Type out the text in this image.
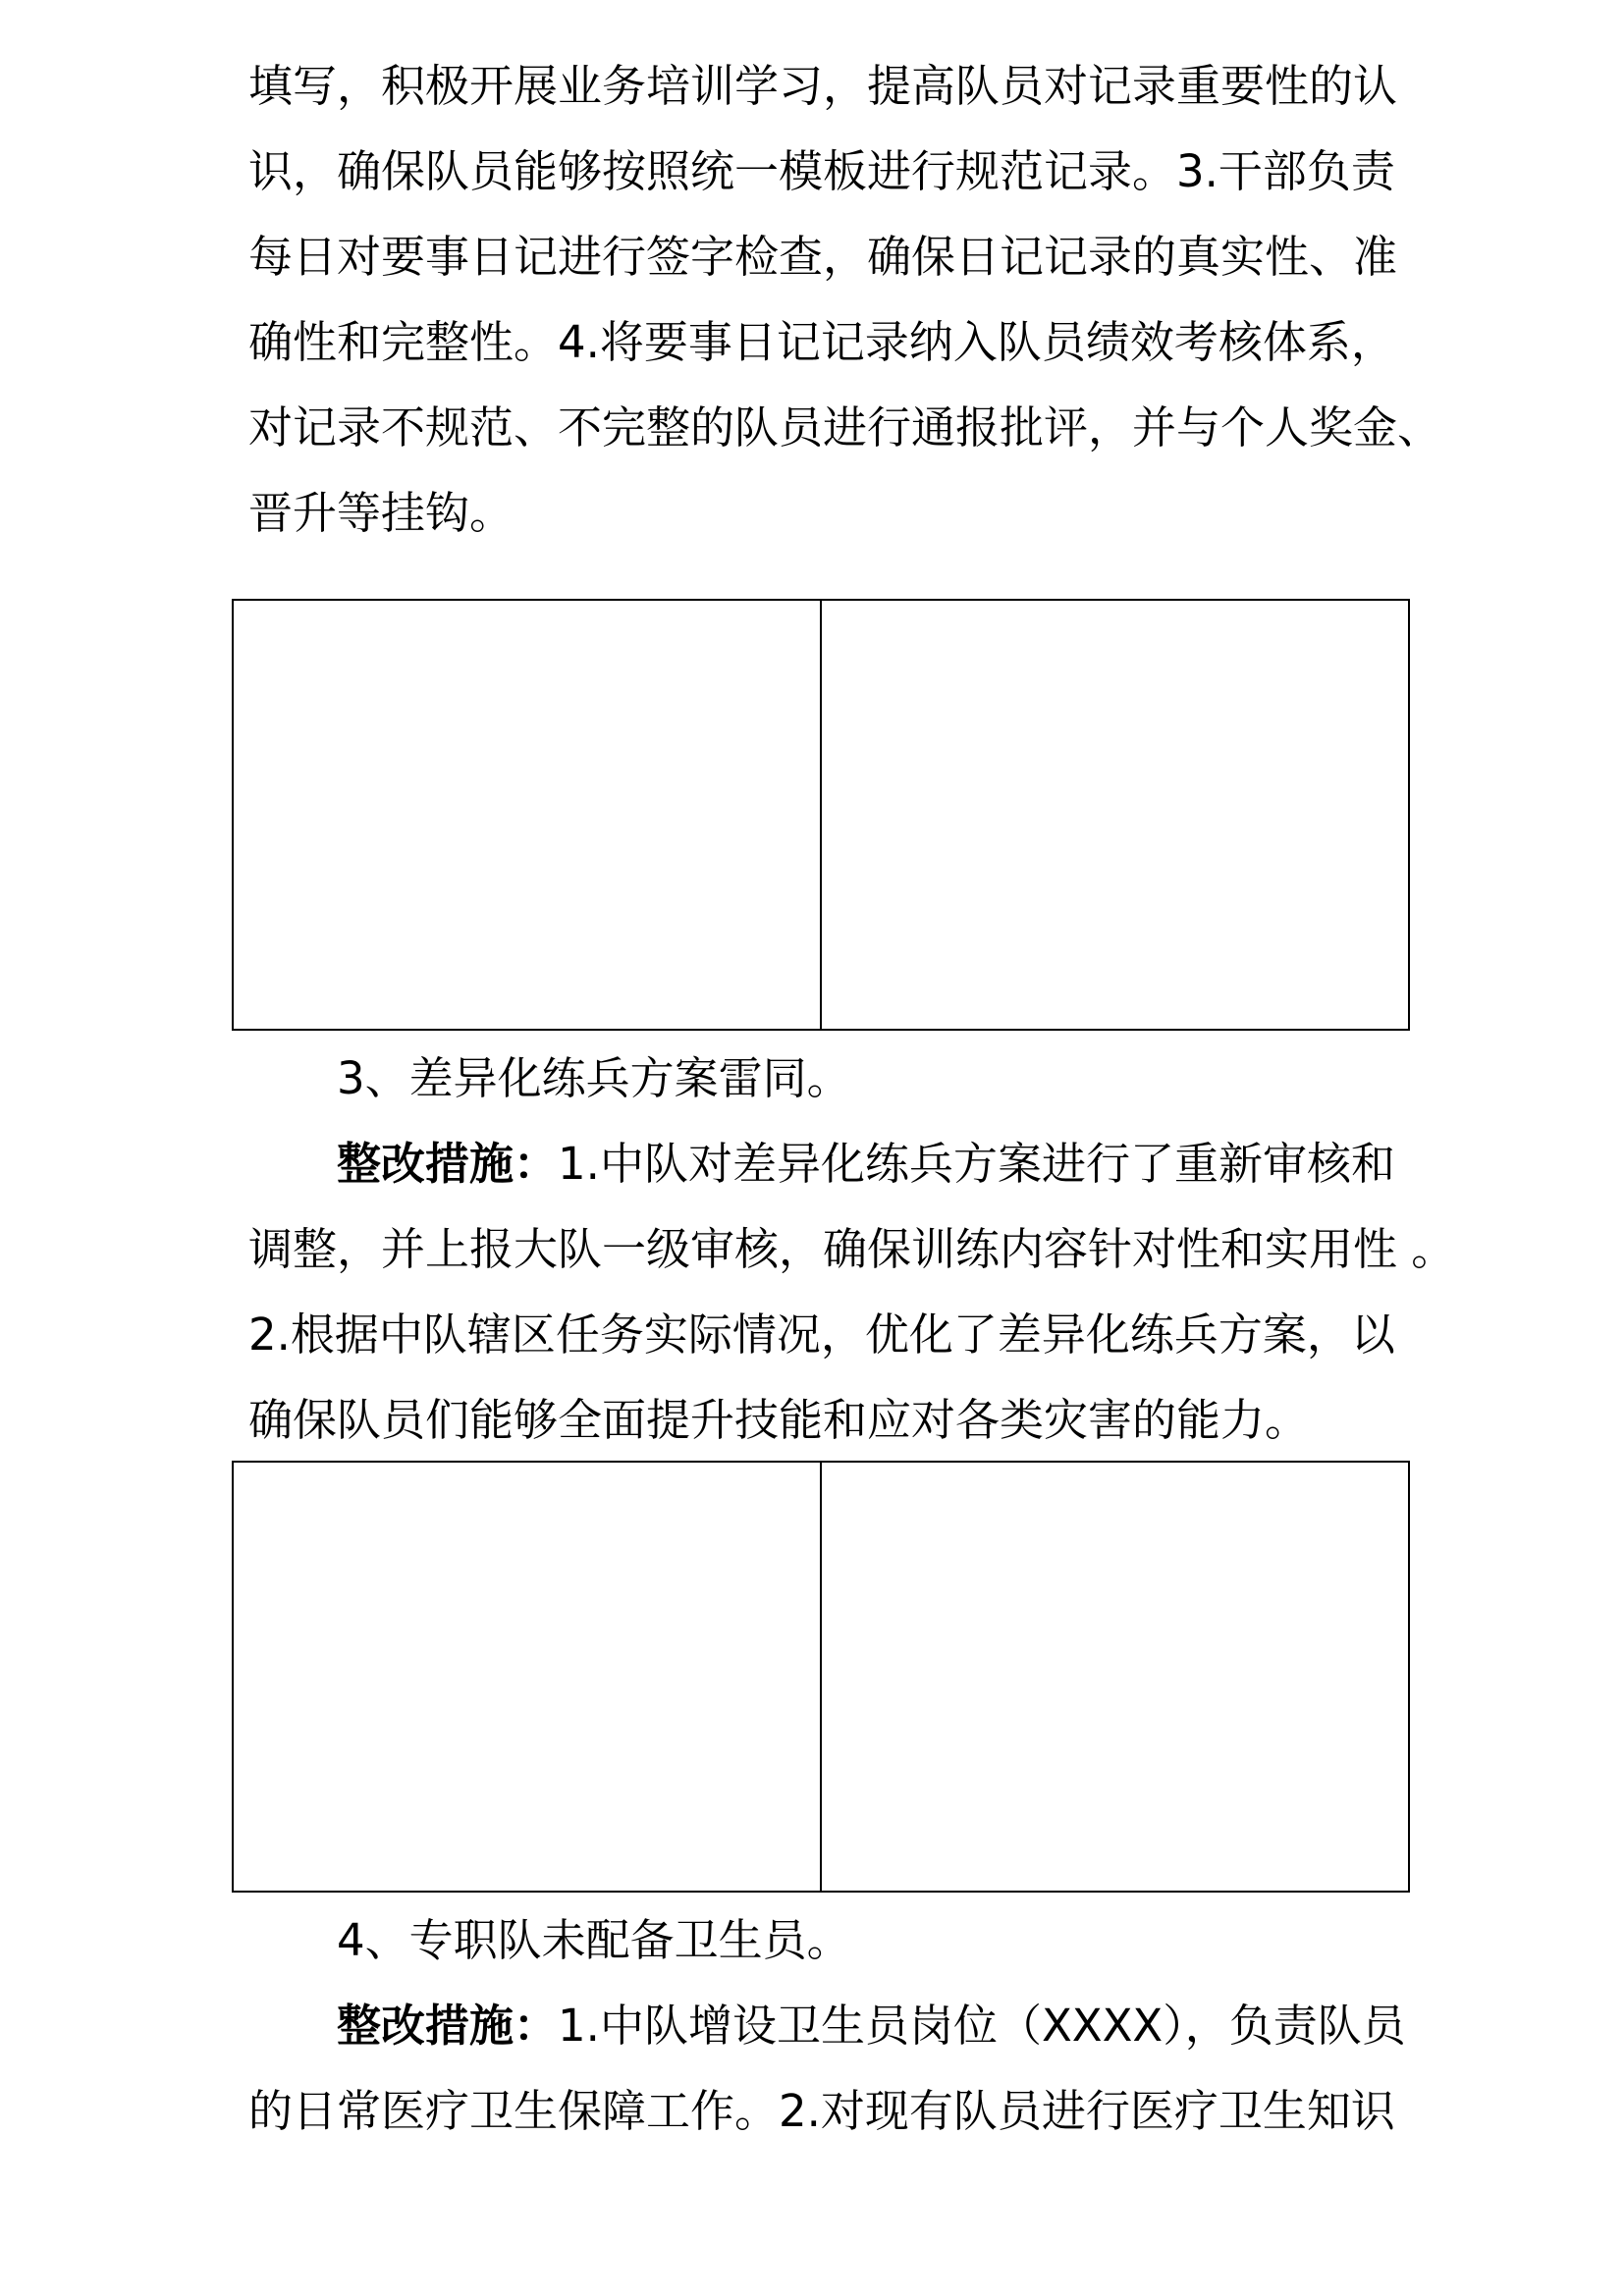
填写，积极开展业务培训学习，提高队员对记录重要性的认
识，确保队员能够按照统一模板进行规范记录。3.干部负责
每日对要事日记进行签字检查，确保日记记录的真实性、准
确性和完整性。4.将要事日记记录纳入队员绩效考核体系，
对记录不规范、不完整的队员进行通报批评，并与个人奖金、
晋升等挂钩。
3、差异化练兵方案雷同。
整改措施：1.中队对差异化练兵方案进行了重新审核和
调整，并上报大队一级审核，确保训练内容针对性和实用性 。
2.根据中队辖区任务实际情况，优化了差异化练兵方案，以
确保队员们能够全面提升技能和应对各类灾害的能力。
4、专职队未配备卫生员。
整改措施：1.中队增设卫生员岗位（XXXX），负责队员
的日常医疗卫生保障工作。2.对现有队员进行医疗卫生知识
